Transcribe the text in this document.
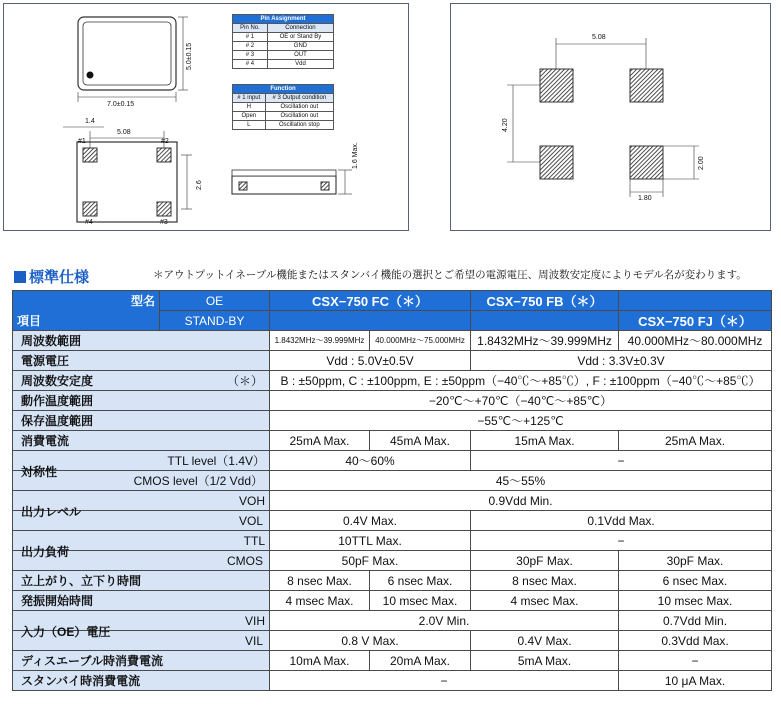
5.0±0.15
7.0±0.15
1.4
5.08
2.6
#1	#2
#4	#3
1.6 Max.
Pin Assignment	
Pin No.	Connection
# 1	OE or Stand By
# 2	GND
# 3	OUT
# 4	Vdd
Function	
# 1 input	# 3 Output condition
H	Oscillation out
Open	Oscillation out
L	Oscillation stop
5.08
4.20
2.00
1.80
標準仕様	＊アウトプットイネーブル機能またはスタンバイ機能の選択とご希望の電源電圧、周波数安定度によりモデル名が変わります。
型名	OE	CSX−750 FC（＊）		CSX−750 FB（＊）	
項目	STAND-BY				CSX−750 FJ（＊）
周波数範囲		1.8432MHz〜39.999MHz	40.000MHz〜75.000MHz	1.8432MHz〜39.999MHz	40.000MHz〜80.000MHz
電源電圧		Vdd : 5.0V±0.5V		Vdd : 3.3V±0.3V	
周波数安定度	（＊）	B : ±50ppm, C : ±100ppm, E : ±50ppm（−40℃〜+85℃）, F : ±100ppm（−40℃〜+85℃）			
動作温度範囲		−20℃〜+70℃（−40℃〜+85℃）			
保存温度範囲		−55℃〜+125℃			
消費電流		25mA Max.	45mA Max.	15mA Max.	25mA Max.

対称性
TTL level（1.4V）		40〜60%		−	
CMOS level（1/2 Vdd）		45〜55%			

出力レベル
VOH		0.9Vdd Min.			
VOL		0.4V Max.		0.1Vdd Max.	

出力負荷
TTL		10TTL Max.		−	
CMOS		50pF Max.		30pF Max.	30pF Max.
立上がり、立下り時間		8 nsec Max.	6 nsec Max.	8 nsec Max.	6 nsec Max.
発振開始時間		4 msec Max.	10 msec Max.	4 msec Max.	10 msec Max.

入力（OE）電圧
VIH		2.0V Min.			0.7Vdd Min.
VIL		0.8 V Max.		0.4V Max.	0.3Vdd Max.
ディスエーブル時消費電流		10mA Max.	20mA Max.	5mA Max.	−
スタンバイ時消費電流		−			10 μA Max.
